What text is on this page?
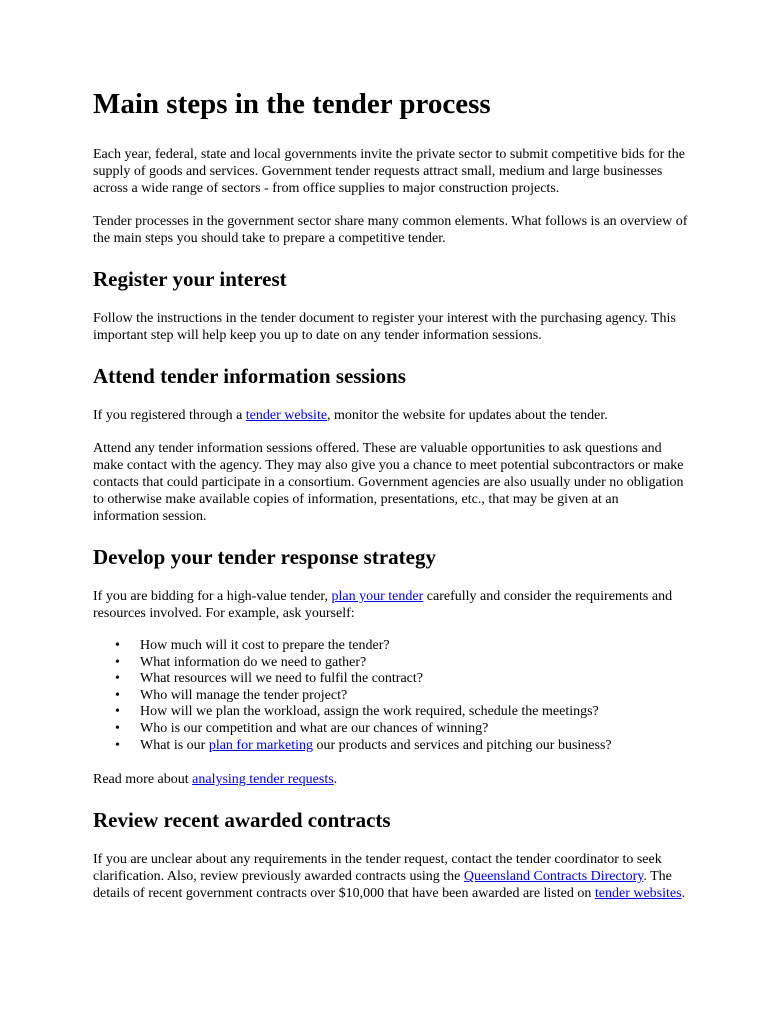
Main steps in the tender process

Each year, federal, state and local governments invite the private sector to submit competitive bids for the supply of goods and services. Government tender requests attract small, medium and large businesses across a wide range of sectors - from office supplies to major construction projects.

Tender processes in the government sector share many common elements. What follows is an overview of the main steps you should take to prepare a competitive tender.

Register your interest

Follow the instructions in the tender document to register your interest with the purchasing agency. This important step will help keep you up to date on any tender information sessions.

Attend tender information sessions

If you registered through a tender website, monitor the website for updates about the tender.

Attend any tender information sessions offered. These are valuable opportunities to ask questions and make contact with the agency. They may also give you a chance to meet potential subcontractors or make contacts that could participate in a consortium. Government agencies are also usually under no obligation to otherwise make available copies of information, presentations, etc., that may be given at an information session.

Develop your tender response strategy

If you are bidding for a high-value tender, plan your tender carefully and consider the requirements and resources involved. For example, ask yourself:

• How much will it cost to prepare the tender?
• What information do we need to gather?
• What resources will we need to fulfil the contract?
• Who will manage the tender project?
• How will we plan the workload, assign the work required, schedule the meetings?
• Who is our competition and what are our chances of winning?
• What is our plan for marketing our products and services and pitching our business?

Read more about analysing tender requests.

Review recent awarded contracts

If you are unclear about any requirements in the tender request, contact the tender coordinator to seek clarification. Also, review previously awarded contracts using the Queensland Contracts Directory. The details of recent government contracts over $10,000 that have been awarded are listed on tender websites.
